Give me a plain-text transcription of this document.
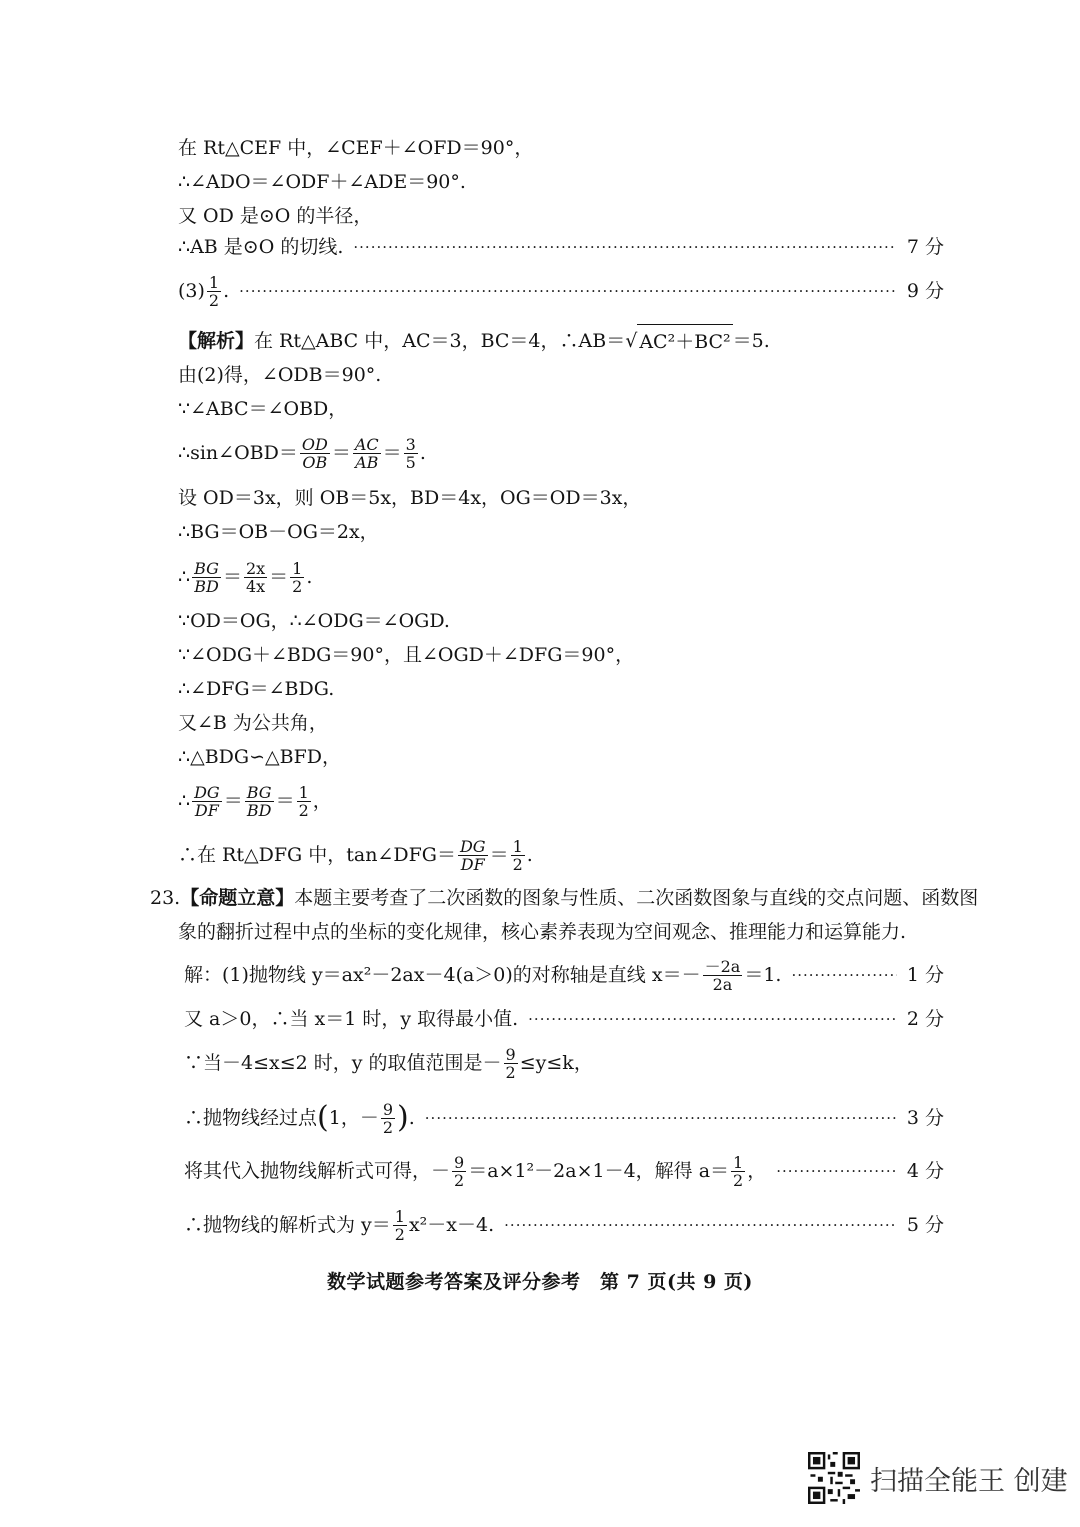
在 Rt△CEF 中，∠CEF＋∠OFD＝90°，
∴∠ADO＝∠ODF＋∠ADE＝90°.
又 OD 是⊙O 的半径，
∴AB 是⊙O 的切线. ·····	7 分
$(3) \frac{1}{2}$ . ·····	9 分
【解析】 在 Rt△ABC 中，AC＝3，BC＝4，∴AB＝ √ AC²＋BC² ＝5.
由(2)得，∠ODB＝90°.
∵∠ABC＝∠OBD，
∴sin∠OBD＝ $\frac{OD}{OB} = \frac{AC}{AB} = \frac{3}{5}$ .
设 OD＝3x，则 OB＝5x，BD＝4x，OG＝OD＝3x，
∴BG＝OB－OG＝2x，
∴ $\frac{BG}{BD} = \frac{2x}{4x} = \frac{1}{2}$ .
∵OD＝OG，∴∠ODG＝∠OGD.
∵∠ODG＋∠BDG＝90°，且∠OGD＋∠DFG＝90°，
∴∠DFG＝∠BDG.
又∠B 为公共角，
∴△BDG∽△BFD，
∴ $\frac{DG}{DF} = \frac{BG}{BD} = \frac{1}{2}$ ，
∴在 Rt△DFG 中，tan∠DFG＝ $\frac{DG}{DF} = \frac{1}{2}$ .
23. 【命题立意】 本题主要考查了二次函数的图象与性质、二次函数图象与直线的交点问题、函数图
象的翻折过程中点的坐标的变化规律，核心素养表现为空间观念、推理能力和运算能力.
解：(1)抛物线 y＝ax²－2ax－4(a＞0)的对称轴是直线 $x=- \frac{-2a}{2a} =1$. ·····	1 分
又 a＞0，∴当 x＝1 时，y 取得最小值. ·····	2 分
∵当－4≤x≤2 时，y 的取值范围是－ $\frac{9}{2} \le y\le k$，
∴抛物线经过点 ( 1，－ $\frac{9}{2}$ ) . ·····	3 分
将其代入抛物线解析式可得，－ $\frac{9}{2} =a\times 1^2-2a\times 1-4$，解得 $a= \frac{1}{2}$ ， ·····	4 分
∴抛物线的解析式为 $y= \frac{1}{2} x^2-x-4$. ·····	5 分
数学试题参考答案及评分参考　第 7 页(共 9 页)
扫描全能王 创建
